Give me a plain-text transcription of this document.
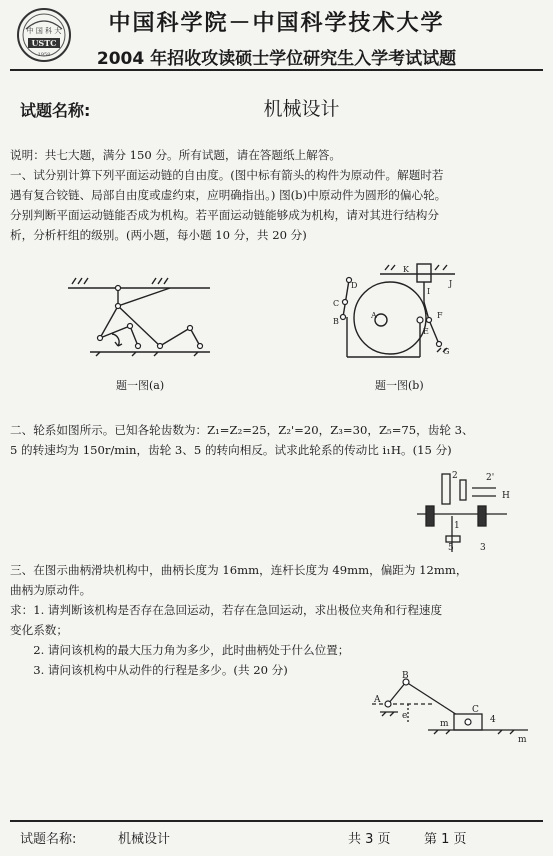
中 国 科 大
USTC
1958
中国科学院－中国科学技术大学
2004 年招收攻读硕士学位研究生入学考试试题
试题名称:	机械设计

说明：共七大题，满分 150 分。所有试题，请在答题纸上解答。

一、试分别计算下列平面运动链的自由度。(图中标有箭头的构件为原动件。解题时若

遇有复合铰链、局部自由度或虚约束，应明确指出。) 图(b)中原动件为圆形的偏心轮。

分别判断平面运动链能否成为机构。若平面运动链能够成为机构，请对其进行结构分

析，分析杆组的级别。(两小题，每小题 10 分，共 20 分)

题一图(a)
K
D
C
B
A
E
F
G
I
J
题一图(b)

二、轮系如图所示。已知各轮齿数为：Z₁=Z₂=25，Z₂'=20，Z₃=30，Z₅=75，齿轮 3、

5 的转速均为 150r/min，齿轮 3、5 的转向相反。试求此轮系的传动比 i₁H。(15 分)

2	2'
H
1
5	3

三、在图示曲柄滑块机构中，曲柄长度为 16mm，连杆长度为 49mm，偏距为 12mm，

曲柄为原动件。

求：1. 请判断该机构是否存在急回运动，若存在急回运动，求出极位夹角和行程速度

变化系数；

　　2. 请问该机构的最大压力角为多少，此时曲柄处于什么位置；

　　3. 请问该机构中从动件的行程是多少。(共 20 分)	B
A
C
e
m	4
m
试题名称:	机械设计	共 3 页	第 1 页
